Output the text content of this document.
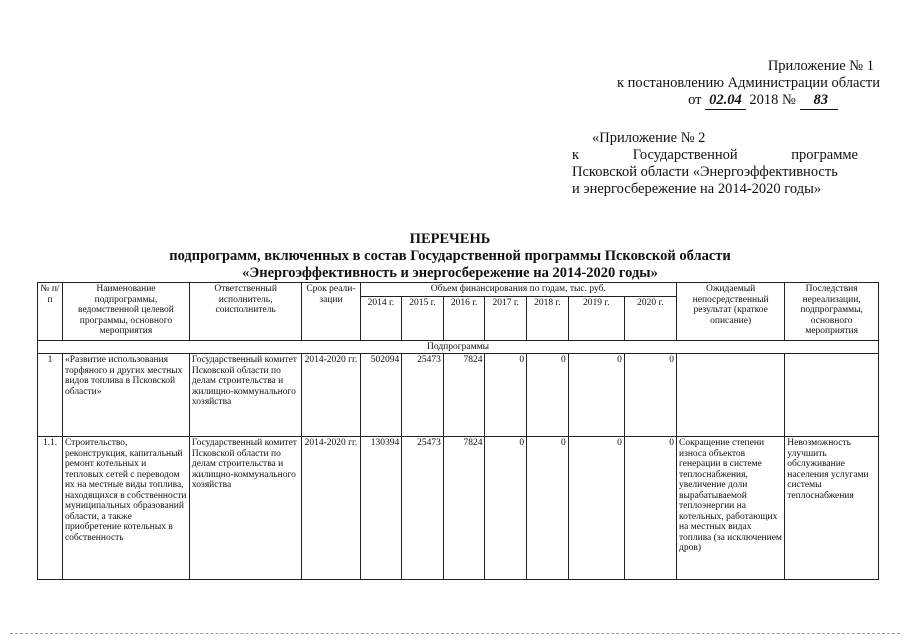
Приложение № 1
к постановлению Администрации области
от 02.04 2018 № 83
«Приложение № 2
к	Государственной	программе
Псковской области «Энергоэффективность
и энергосбережение на 2014-2020 годы»
ПЕРЕЧЕНЬ
подпрограмм, включенных в состав Государственной программы Псковской области
«Энергоэффективность и энергосбережение на 2014-2020 годы»
№ п/п	Наименование подпрограммы, ведомственной целевой программы, основного мероприятия	Ответственный исполнитель, соисполнитель	Срок реали-зации	Объем финансирования по годам, тыс. руб.							Ожидаемый непосредственный результат (краткое описание)	Последствия нереализации, подпрограммы, основного мероприятия
				2014 г.	2015 г.	2016 г.	2017 г.	2018 г.	2019 г.	2020 г.		
Подпрограммы												
1	«Развитие использования торфяного и других местных видов топлива в Псковской области»	Государственный комитет Псковской области по делам строительства и жилищно-коммунального хозяйства	2014-2020 гг.	502094	25473	7824	0	0	0	0		
1.1.	Строительство, реконструкция, капитальный ремонт котельных и тепловых сетей с переводом их на местные виды топлива, находящихся в собственности муниципальных образований области, а также приобретение котельных в собственность	Государственный комитет Псковской области по делам строительства и жилищно-коммунального хозяйства	2014-2020 гг.	130394	25473	7824	0	0	0	0	Сокращение степени износа объектов генерации в системе теплоснабжения, увеличение доли вырабатываемой теплоэнергии на котельных, работающих на местных видах топлива (за исключением дров)	Невозможность улучшить обслуживание населения услугами системы теплоснабжения
